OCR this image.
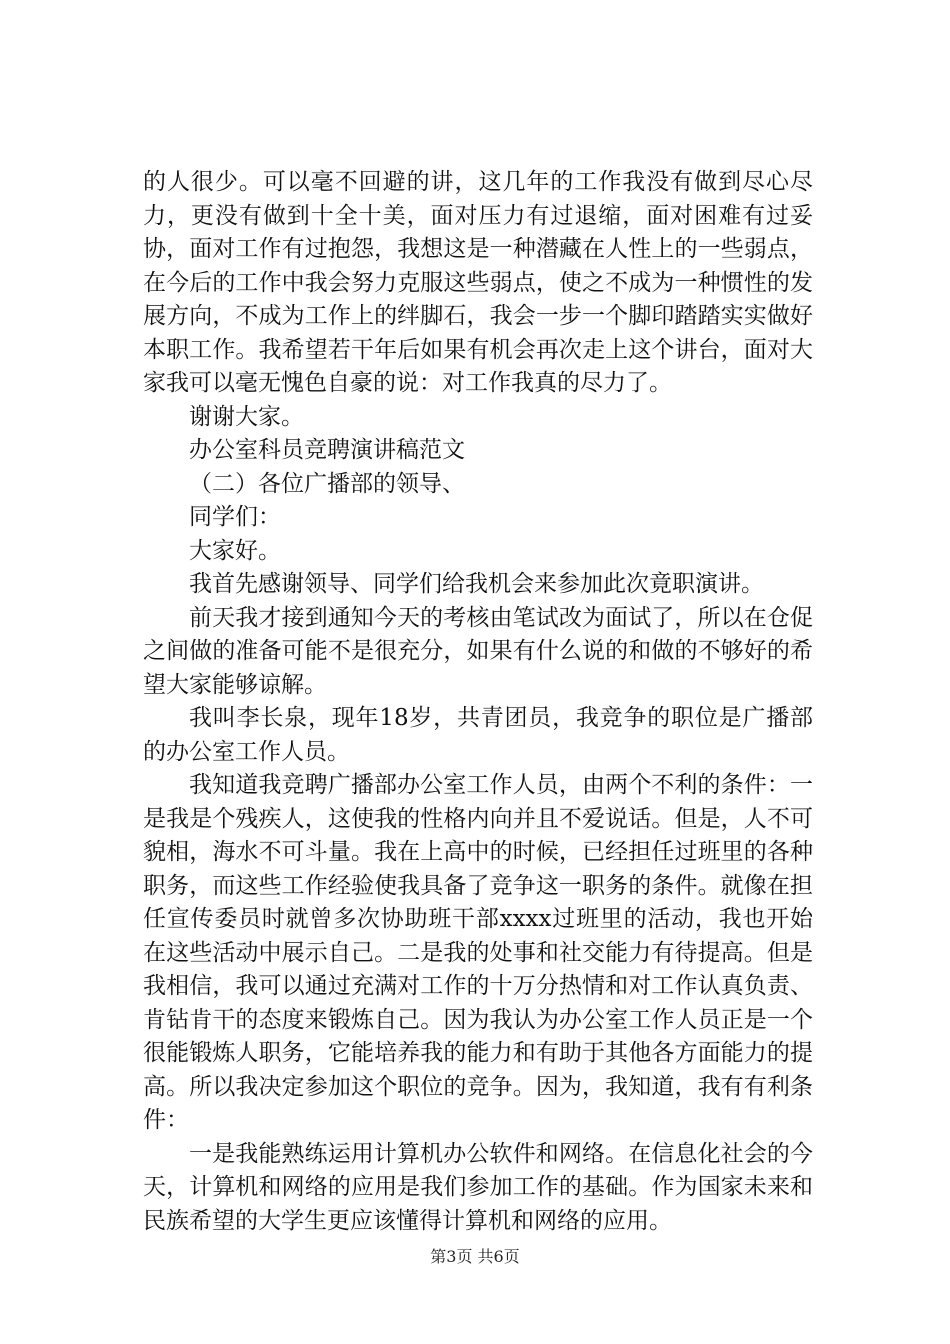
的人很少。可以毫不回避的讲，这几年的工作我没有做到尽心尽力，更没有做到十全十美，面对压力有过退缩，面对困难有过妥协，面对工作有过抱怨，我想这是一种潜藏在人性上的一些弱点，在今后的工作中我会努力克服这些弱点，使之不成为一种惯性的发展方向，不成为工作上的绊脚石，我会一步一个脚印踏踏实实做好本职工作。我希望若干年后如果有机会再次走上这个讲台，面对大家我可以毫无愧色自豪的说：对工作我真的尽力了。

谢谢大家。

办公室科员竞聘演讲稿范文

（二）各位广播部的领导、

同学们：

大家好。

我首先感谢领导、同学们给我机会来参加此次竟职演讲。

前天我才接到通知今天的考核由笔试改为面试了，所以在仓促之间做的准备可能不是很充分，如果有什么说的和做的不够好的希望大家能够谅解。

我叫李长泉，现年18岁，共青团员，我竞争的职位是广播部的办公室工作人员。

我知道我竞聘广播部办公室工作人员，由两个不利的条件：一是我是个残疾人，这使我的性格内向并且不爱说话。但是，人不可貌相，海水不可斗量。我在上高中的时候，已经担任过班里的各种职务，而这些工作经验使我具备了竞争这一职务的条件。就像在担任宣传委员时就曾多次协助班干部xxxx过班里的活动，我也开始在这些活动中展示自己。二是我的处事和社交能力有待提高。但是我相信，我可以通过充满对工作的十万分热情和对工作认真负责、肯钻肯干的态度来锻炼自己。因为我认为办公室工作人员正是一个很能锻炼人职务，它能培养我的能力和有助于其他各方面能力的提高。所以我决定参加这个职位的竞争。因为，我知道，我有有利条件：

一是我能熟练运用计算机办公软件和网络。在信息化社会的今天，计算机和网络的应用是我们参加工作的基础。作为国家未来和民族希望的大学生更应该懂得计算机和网络的应用。

第3页 共6页
